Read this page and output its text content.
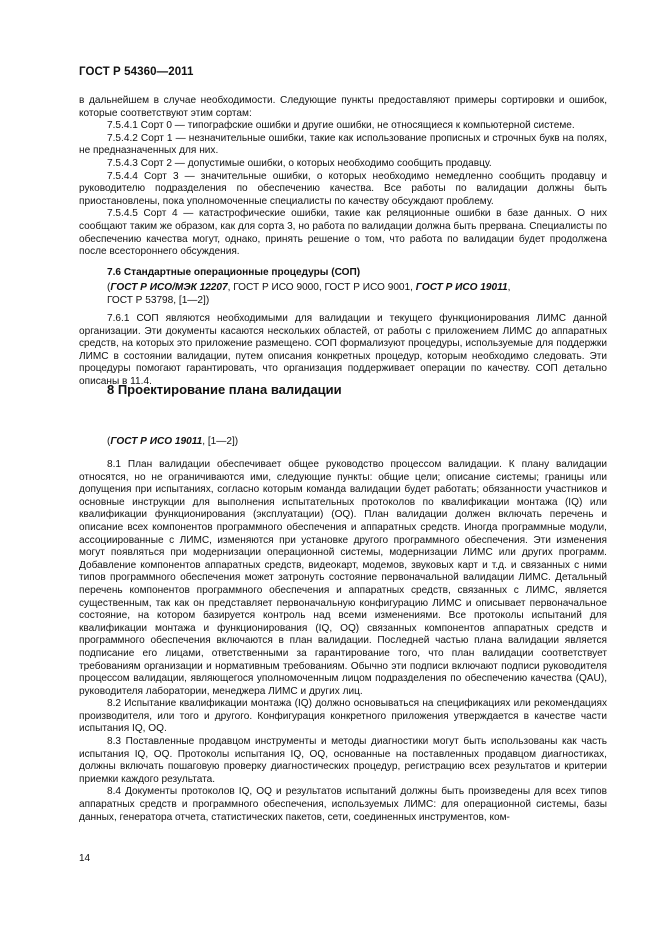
ГОСТ Р 54360—2011

в дальнейшем в случае необходимости. Следующие пункты предоставляют примеры сортировки и ошибок, которые соответствуют этим сортам:

7.5.4.1 Сорт 0 — типографские ошибки и другие ошибки, не относящиеся к компьютерной системе.

7.5.4.2 Сорт 1 — незначительные ошибки, такие как использование прописных и строчных букв на полях, не предназначенных для них.

7.5.4.3 Сорт 2 — допустимые ошибки, о которых необходимо сообщить продавцу.

7.5.4.4 Сорт 3 — значительные ошибки, о которых необходимо немедленно сообщить продавцу и руководителю подразделения по обеспечению качества. Все работы по валидации должны быть приостановлены, пока уполномоченные специалисты по качеству обсуждают проблему.

7.5.4.5 Сорт 4 — катастрофические ошибки, такие как реляционные ошибки в базе данных. О них сообщают таким же образом, как для сорта 3, но работа по валидации должна быть прервана. Специалисты по обеспечению качества могут, однако, принять решение о том, что работа по валидации будет продолжена после всестороннего обсуждения.

7.6 Стандартные операционные процедуры (СОП)
(ГОСТ Р ИСО/МЭК 12207, ГОСТ Р ИСО 9000, ГОСТ Р ИСО 9001, ГОСТ Р ИСО 19011,
ГОСТ Р 53798, [1—2])

7.6.1 СОП являются необходимыми для валидации и текущего функционирования ЛИМС данной организации. Эти документы касаются нескольких областей, от работы с приложением ЛИМС до аппаратных средств, на которых это приложение размещено. СОП формализуют процедуры, используемые для поддержки ЛИМС в состоянии валидации, путем описания конкретных процедур, которым необходимо следовать. Эти процедуры помогают гарантировать, что организация поддерживает операции по качеству. СОП детально описаны в 11.4.

8 Проектирование плана валидации
(ГОСТ Р ИСО 19011, [1—2])

8.1 План валидации обеспечивает общее руководство процессом валидации. К плану валидации относятся, но не ограничиваются ими, следующие пункты: общие цели; описание системы; границы или допущения при испытаниях, согласно которым команда валидации будет работать; обязанности участников и основные инструкции для выполнения испытательных протоколов по квалификации монтажа (IQ) или квалификации функционирования (эксплуатации) (OQ). План валидации должен включать перечень и описание всех компонентов программного обеспечения и аппаратных средств. Иногда программные модули, ассоциированные с ЛИМС, изменяются при установке другого программного обеспечения. Эти изменения могут появляться при модернизации операционной системы, модернизации ЛИМС или других программ. Добавление компонентов аппаратных средств, видеокарт, модемов, звуковых карт и т.д. и связанных с ними типов программного обеспечения может затронуть состояние первоначальной валидации ЛИМС. Детальный перечень компонентов программного обеспечения и аппаратных средств, связанных с ЛИМС, является существенным, так как он представляет первоначальную конфигурацию ЛИМС и описывает первоначальное состояние, на котором базируется контроль над всеми изменениями. Все протоколы испытаний для квалификации монтажа и функционирования (IQ, OQ) связанных компонентов аппаратных средств и программного обеспечения включаются в план валидации. Последней частью плана валидации является подписание его лицами, ответственными за гарантирование того, что план валидации соответствует требованиям организации и нормативным требованиям. Обычно эти подписи включают подписи руководителя процессом валидации, являющегося уполномоченным лицом подразделения по обеспечению качества (QAU), руководителя лаборатории, менеджера ЛИМС и других лиц.

8.2 Испытание квалификации монтажа (IQ) должно основываться на спецификациях или рекомендациях производителя, или того и другого. Конфигурация конкретного приложения утверждается в качестве части испытания IQ, OQ.

8.3 Поставленные продавцом инструменты и методы диагностики могут быть использованы как часть испытания IQ, OQ. Протоколы испытания IQ, OQ, основанные на поставленных продавцом диагностиках, должны включать пошаговую проверку диагностических процедур, регистрацию всех результатов и критерии приемки каждого результата.

8.4 Документы протоколов IQ, OQ и результатов испытаний должны быть произведены для всех типов аппаратных средств и программного обеспечения, используемых ЛИМС: для операционной системы, базы данных, генератора отчета, статистических пакетов, сети, соединенных инструментов, ком-

14
